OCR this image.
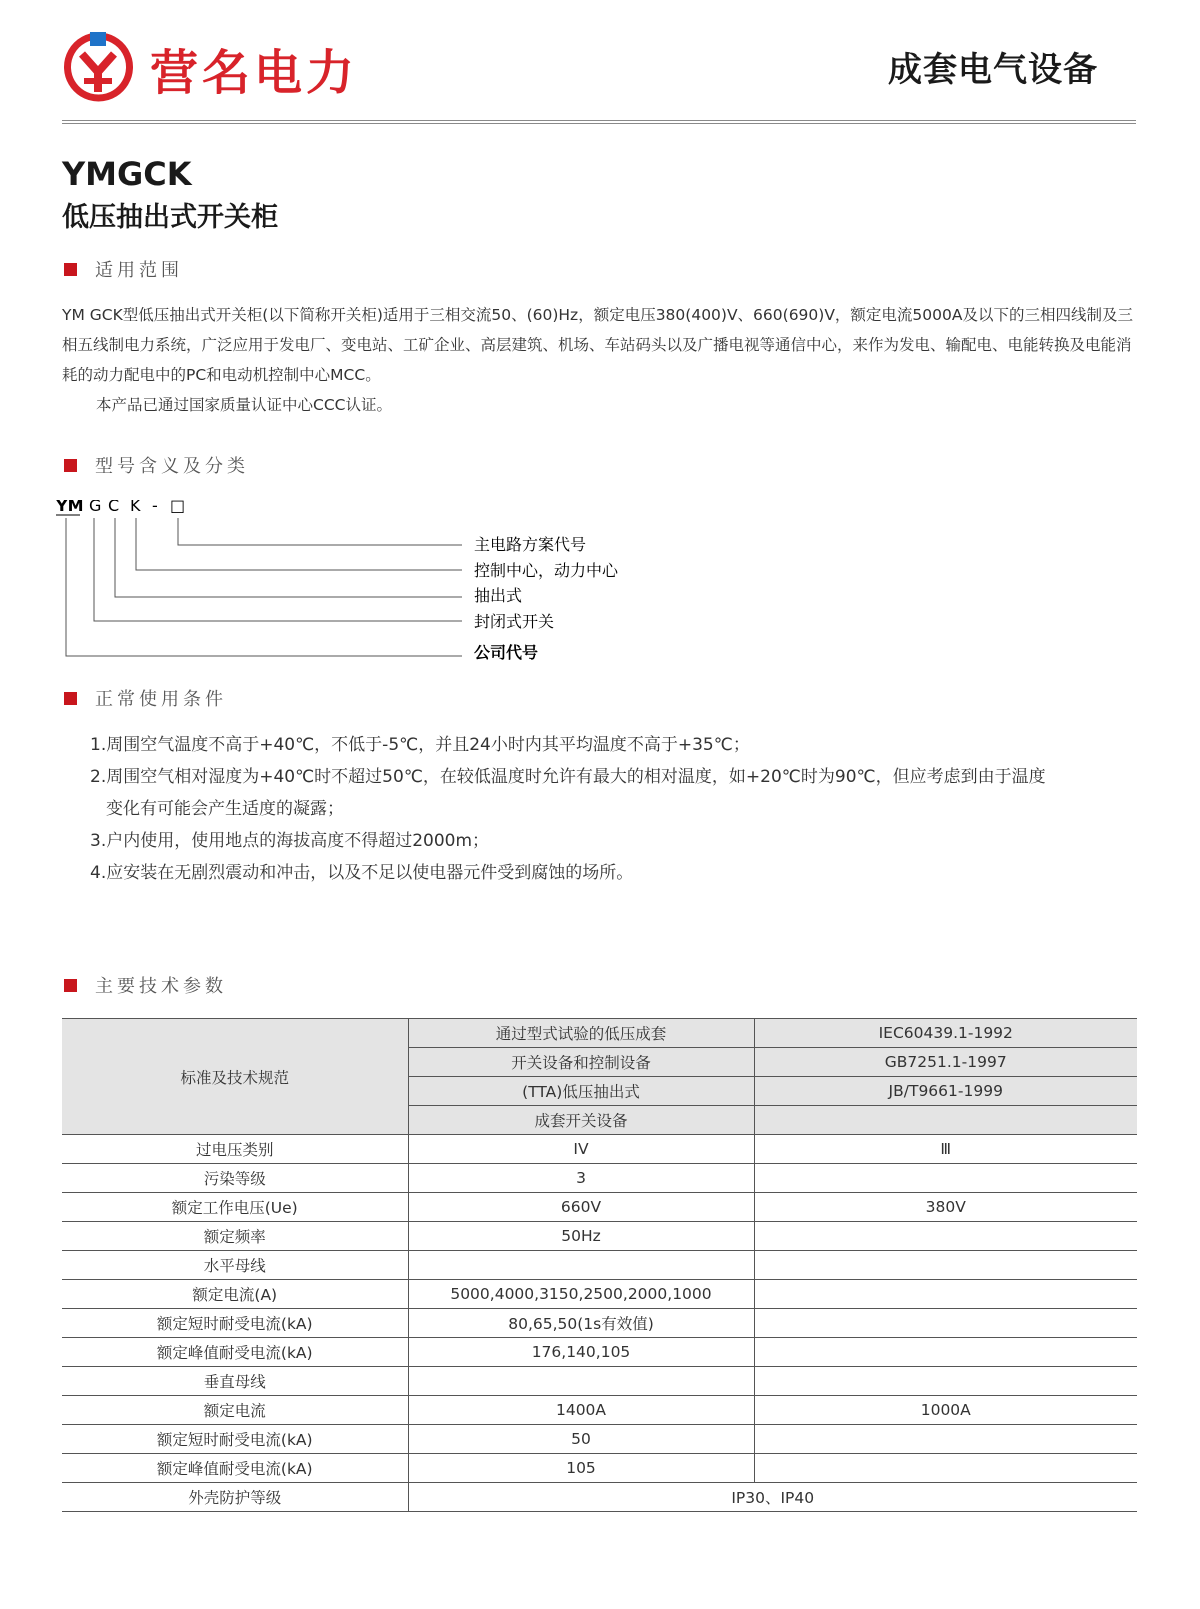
营名电力	成套电气设备
YMGCK
低压抽出式开关柜
适用范围

YM GCK型低压抽出式开关柜(以下简称开关柜)适用于三相交流50、(60)Hz，额定电压380(400)V、660(690)V，额定电流5000A及以下的三相四线制及三相五线制电力系统，广泛应用于发电厂、变电站、工矿企业、高层建筑、机场、车站码头以及广播电视等通信中心，来作为发电、输配电、电能转换及电能消耗的动力配电中的PC和电动机控制中心MCC。

本产品已通过国家质量认证中心CCC认证。

型号含义及分类
YM G C K - □
主电路方案代号
控制中心，动力中心
抽出式
封闭式开关
公司代号
正常使用条件
1.周围空气温度不高于+40℃，不低于-5℃，并且24小时内其平均温度不高于+35℃；
2.周围空气相对湿度为+40℃时不超过50℃，在较低温度时允许有最大的相对温度，如+20℃时为90℃，但应考虑到由于温度
变化有可能会产生适度的凝露；
3.户内使用，使用地点的海拔高度不得超过2000m；
4.应安装在无剧烈震动和冲击，以及不足以使电器元件受到腐蚀的场所。
主要技术参数
标准及技术规范	通过型式试验的低压成套	IEC60439.1-1992
	开关设备和控制设备	GB7251.1-1997
	(TTA)低压抽出式	JB/T9661-1999
	成套开关设备	
过电压类别	IV	Ⅲ
污染等级	3	
额定工作电压(Ue)	660V	380V
额定频率	50Hz	
水平母线		
额定电流(A)	5000,4000,3150,2500,2000,1000	
额定短时耐受电流(kA)	80,65,50(1s有效值)	
额定峰值耐受电流(kA)	176,140,105	
垂直母线		
额定电流	1400A	1000A
额定短时耐受电流(kA)	50	
额定峰值耐受电流(kA)	105	
外壳防护等级	IP30、IP40	
